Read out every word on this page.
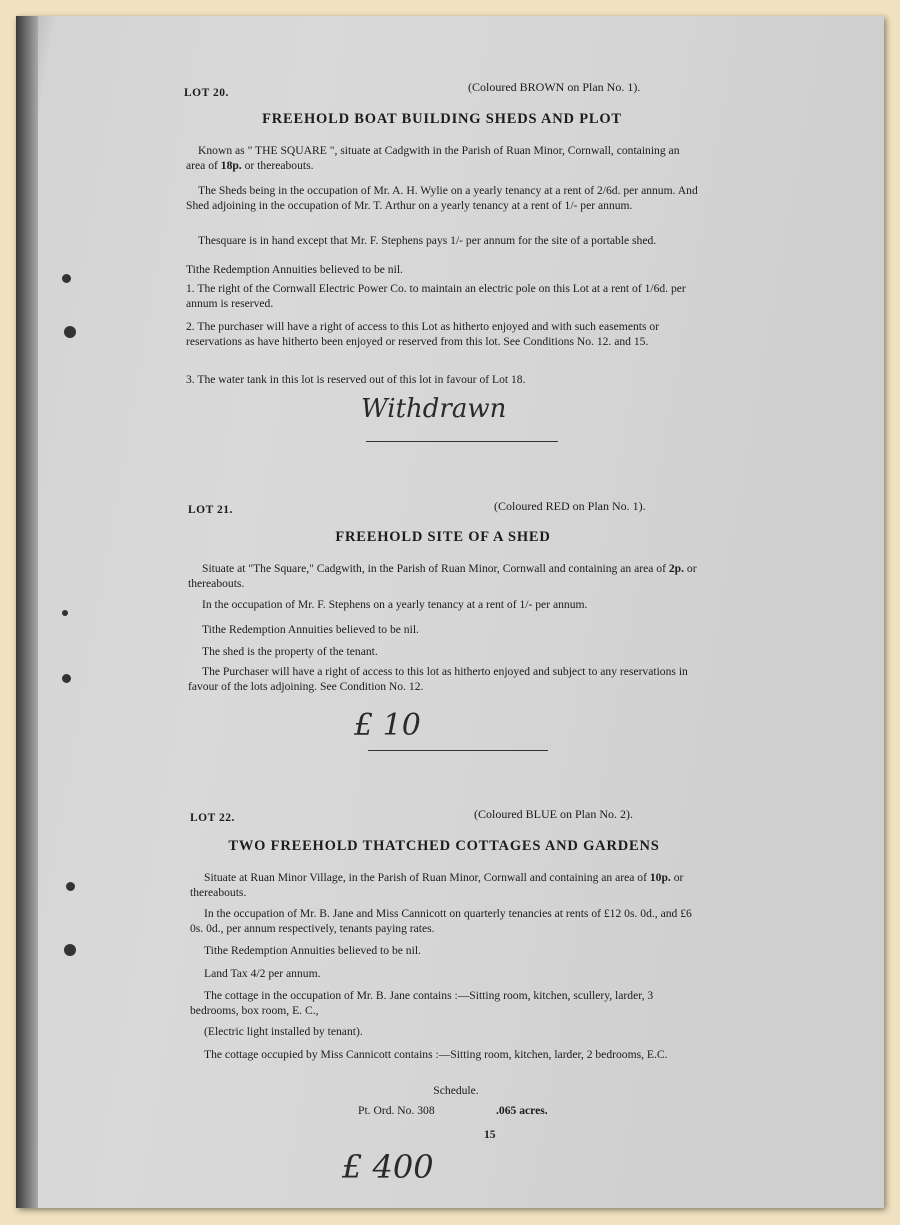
LOT 20.	(Coloured BROWN on Plan No. 1).
FREEHOLD BOAT BUILDING SHEDS AND PLOT
Known as " THE SQUARE ", situate at Cadgwith in the Parish of Ruan Minor, Cornwall, containing an area of 18p. or thereabouts.
The Sheds being in the occupation of Mr. A. H. Wylie on a yearly tenancy at a rent of 2/6d. per annum. And Shed adjoining in the occupation of Mr. T. Arthur on a yearly tenancy at a rent of 1/- per annum.
Thesquare is in hand except that Mr. F. Stephens pays 1/- per annum for the site of a portable shed.
Tithe Redemption Annuities believed to be nil.
1. The right of the Cornwall Electric Power Co. to maintain an electric pole on this Lot at a rent of 1/6d. per annum is reserved.
2. The purchaser will have a right of access to this Lot as hitherto enjoyed and with such easements or reservations as have hitherto been enjoyed or reserved from this lot. See Conditions No. 12. and 15.
3. The water tank in this lot is reserved out of this lot in favour of Lot 18.
Withdrawn
LOT 21.	(Coloured RED on Plan No. 1).
FREEHOLD SITE OF A SHED
Situate at "The Square," Cadgwith, in the Parish of Ruan Minor, Cornwall and containing an area of 2p. or thereabouts.
In the occupation of Mr. F. Stephens on a yearly tenancy at a rent of 1/- per annum.
Tithe Redemption Annuities believed to be nil.
The shed is the property of the tenant.
The Purchaser will have a right of access to this lot as hitherto enjoyed and subject to any reservations in favour of the lots adjoining. See Condition No. 12.
£ 10
LOT 22.	(Coloured BLUE on Plan No. 2).
TWO FREEHOLD THATCHED COTTAGES AND GARDENS
Situate at Ruan Minor Village, in the Parish of Ruan Minor, Cornwall and containing an area of 10p. or thereabouts.
In the occupation of Mr. B. Jane and Miss Cannicott on quarterly tenancies at rents of £12 0s. 0d., and £6 0s. 0d., per annum respectively, tenants paying rates.
Tithe Redemption Annuities believed to be nil.
Land Tax 4/2 per annum.
The cottage in the occupation of Mr. B. Jane contains :—Sitting room, kitchen, scullery, larder, 3 bedrooms, box room, E. C.,
(Electric light installed by tenant).
The cottage occupied by Miss Cannicott contains :—Sitting room, kitchen, larder, 2 bedrooms, E.C.
Schedule.
Pt. Ord. No. 308	.065 acres.
15
£ 400
